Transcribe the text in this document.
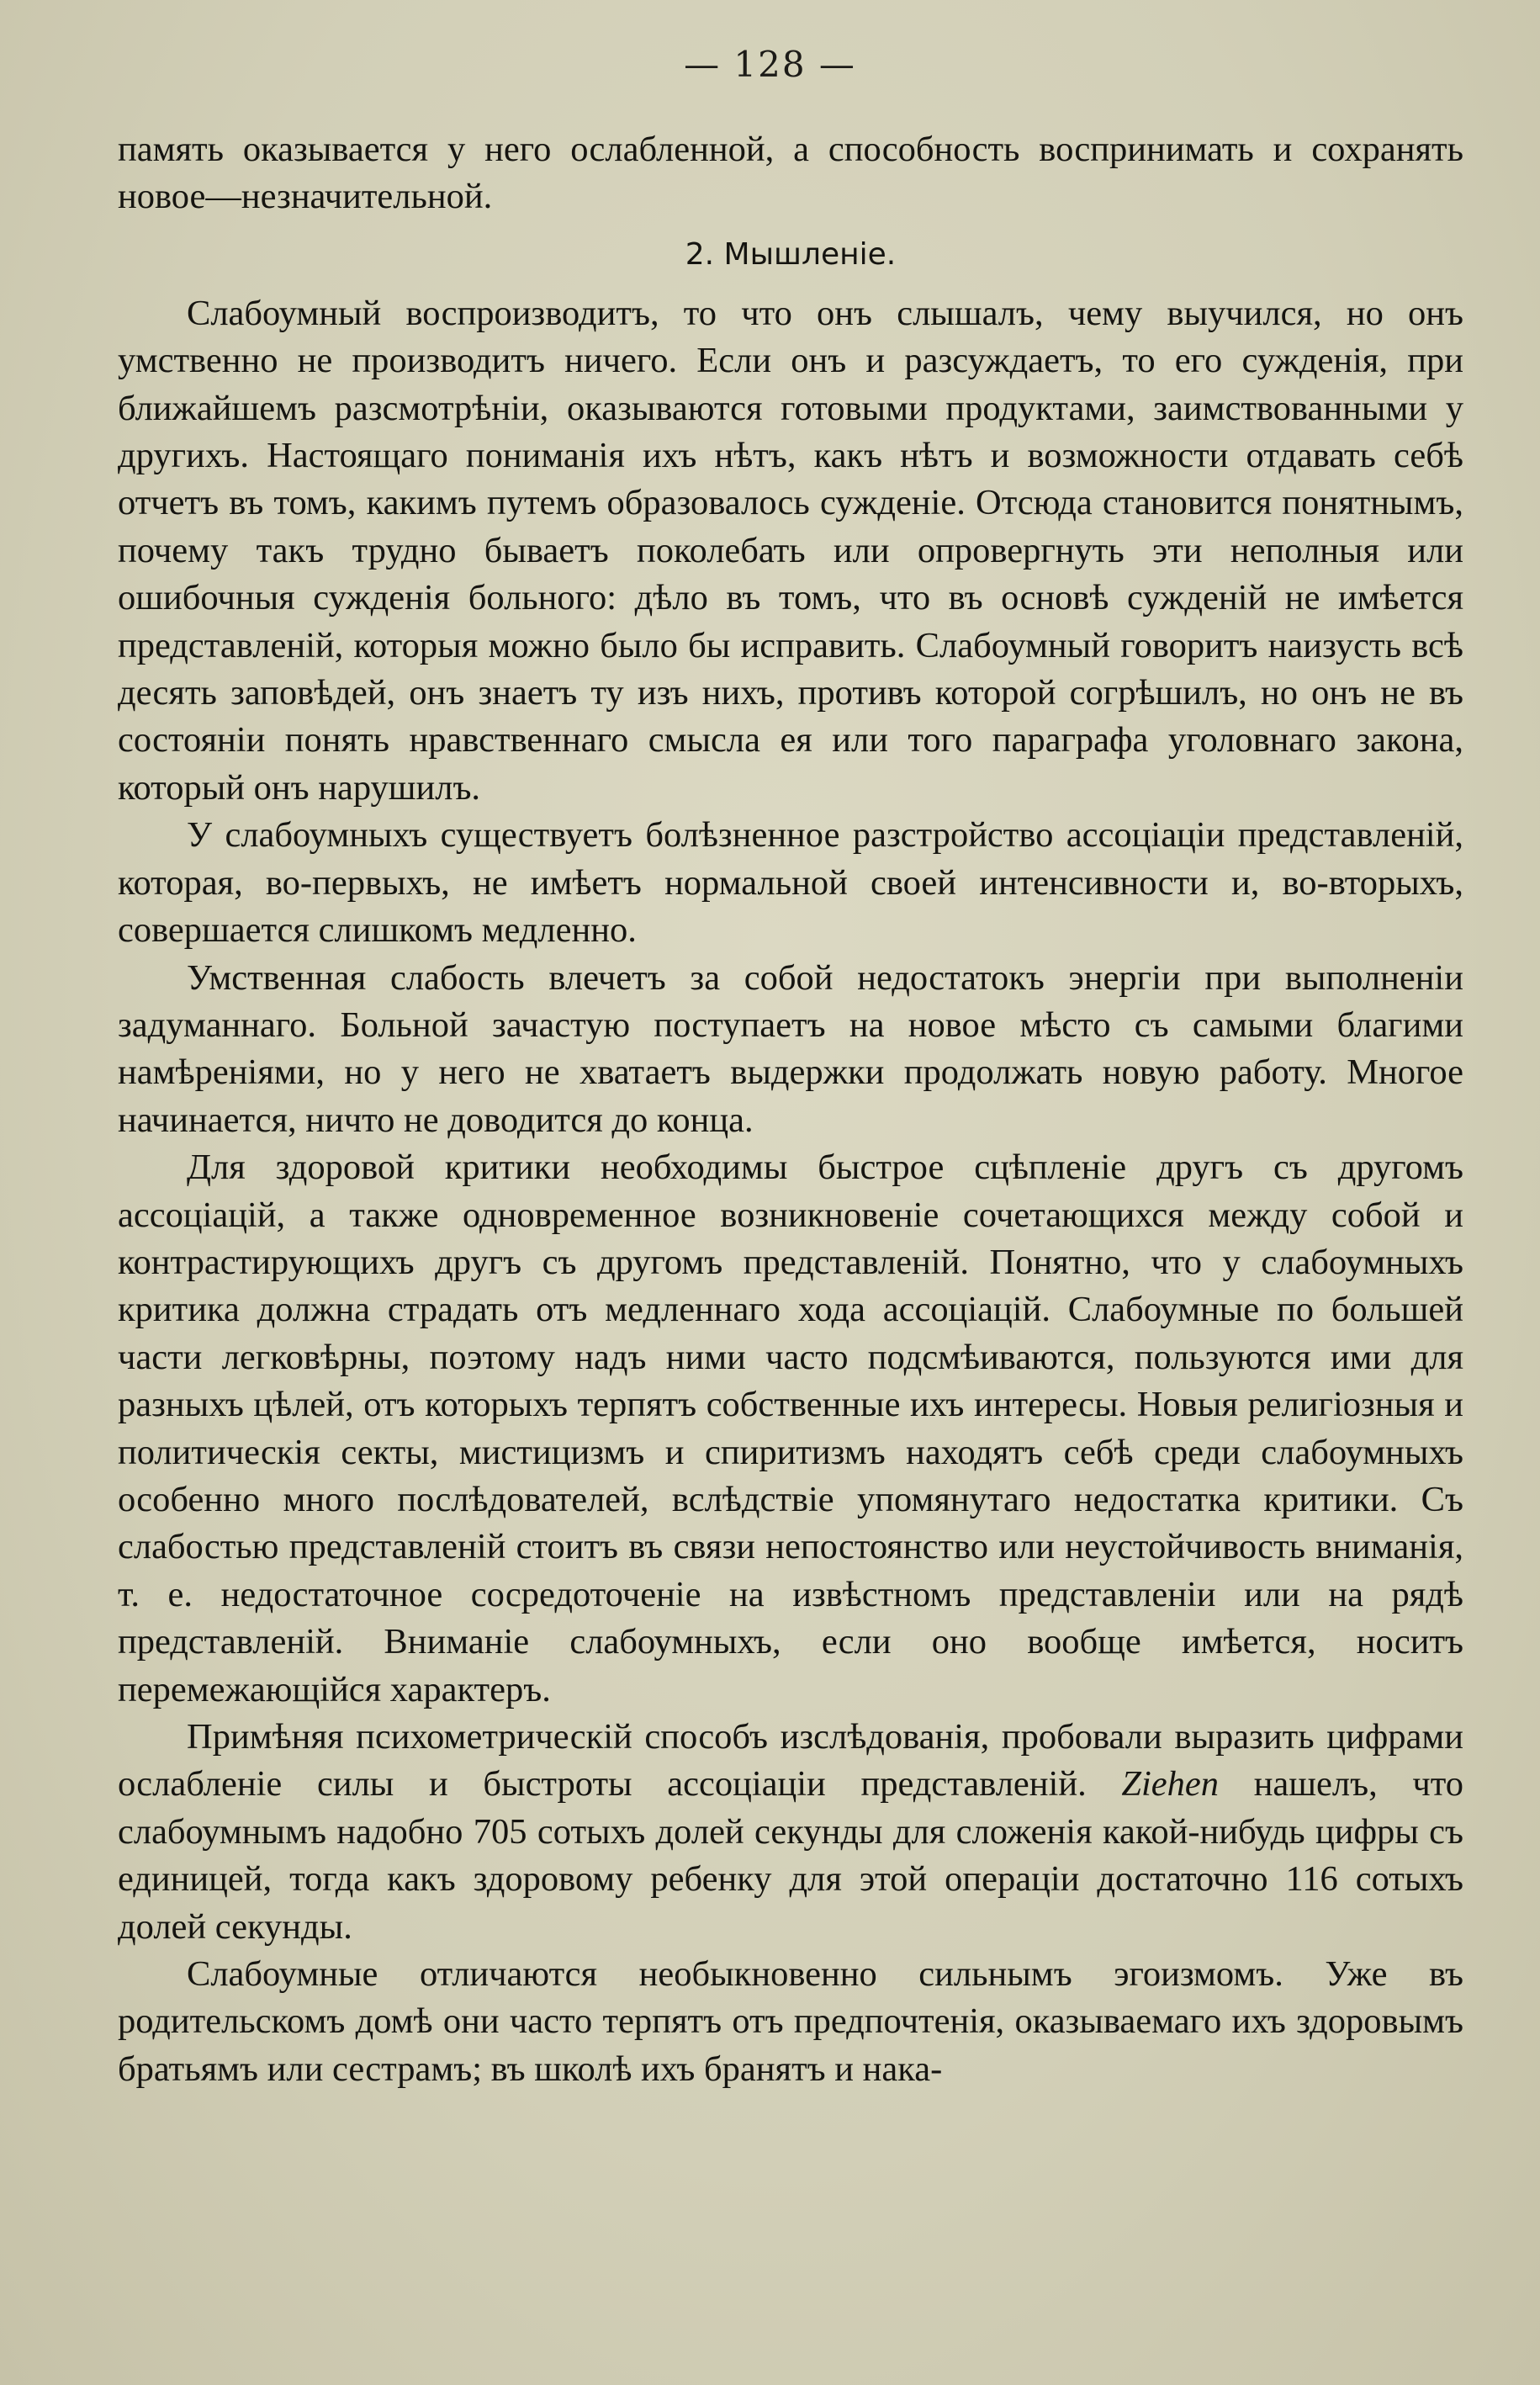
— 128 —

память оказывается у него ослабленной, а способность воспринимать и сохранять новое—незначительной.

2. Мышленіе.

Слабоумный воспроизводитъ, то что онъ слышалъ, чему выучился, но онъ умственно не производитъ ничего. Если онъ и разсуждаетъ, то его сужденія, при ближайшемъ разсмотрѣніи, оказываются готовыми продуктами, заимствованными у другихъ. Настоящаго пониманія ихъ нѣтъ, какъ нѣтъ и возможности отдавать себѣ отчетъ въ томъ, какимъ путемъ образовалось сужденіе. Отсюда становится понятнымъ, почему такъ трудно бываетъ поколебать или опровергнуть эти неполныя или ошибочныя сужденія больного: дѣло въ томъ, что въ основѣ сужденій не имѣется представленій, которыя можно было бы исправить. Слабоумный говоритъ наизусть всѣ десять заповѣдей, онъ знаетъ ту изъ нихъ, противъ которой согрѣшилъ, но онъ не въ состояніи понять нравственнаго смысла ея или того параграфа уголовнаго закона, который онъ нарушилъ.

У слабоумныхъ существуетъ болѣзненное разстройство ассоціаціи представленій, которая, во-первыхъ, не имѣетъ нормальной своей интенсивности и, во-вторыхъ, совершается слишкомъ медленно.

Умственная слабость влечетъ за собой недостатокъ энергіи при выполненіи задуманнаго. Больной зачастую поступаетъ на новое мѣсто съ самыми благими намѣреніями, но у него не хватаетъ выдержки продолжать новую работу. Многое начинается, ничто не доводится до конца.

Для здоровой критики необходимы быстрое сцѣпленіе другъ съ другомъ ассоціацій, а также одновременное возникновеніе сочетающихся между собой и контрастирующихъ другъ съ другомъ представленій. Понятно, что у слабоумныхъ критика должна страдать отъ медленнаго хода ассоціацій. Слабоумные по большей части легковѣрны, поэтому надъ ними часто подсмѣиваются, пользуются ими для разныхъ цѣлей, отъ которыхъ терпятъ собственные ихъ интересы. Новыя религіозныя и политическія секты, мистицизмъ и спиритизмъ находятъ себѣ среди слабоумныхъ особенно много послѣдователей, вслѣдствіе упомянутаго недостатка критики. Съ слабостью представленій стоитъ въ связи непостоянство или неустойчивость вниманія, т. е. недостаточное сосредоточеніе на извѣстномъ представленіи или на рядѣ представленій. Вниманіе слабоумныхъ, если оно вообще имѣется, носитъ перемежающійся характеръ.

Примѣняя психометрическій способъ изслѣдованія, пробовали выразить цифрами ослабленіе силы и быстроты ассоціаціи представленій. Ziehen нашелъ, что слабоумнымъ надобно 705 сотыхъ долей секунды для сложенія какой-нибудь цифры съ единицей, тогда какъ здоровому ребенку для этой операціи достаточно 116 сотыхъ долей секунды.

Слабоумные отличаются необыкновенно сильнымъ эгоизмомъ. Уже въ родительскомъ домѣ они часто терпятъ отъ предпочтенія, оказываемаго ихъ здоровымъ братьямъ или сестрамъ; въ школѣ ихъ бранятъ и нака-
